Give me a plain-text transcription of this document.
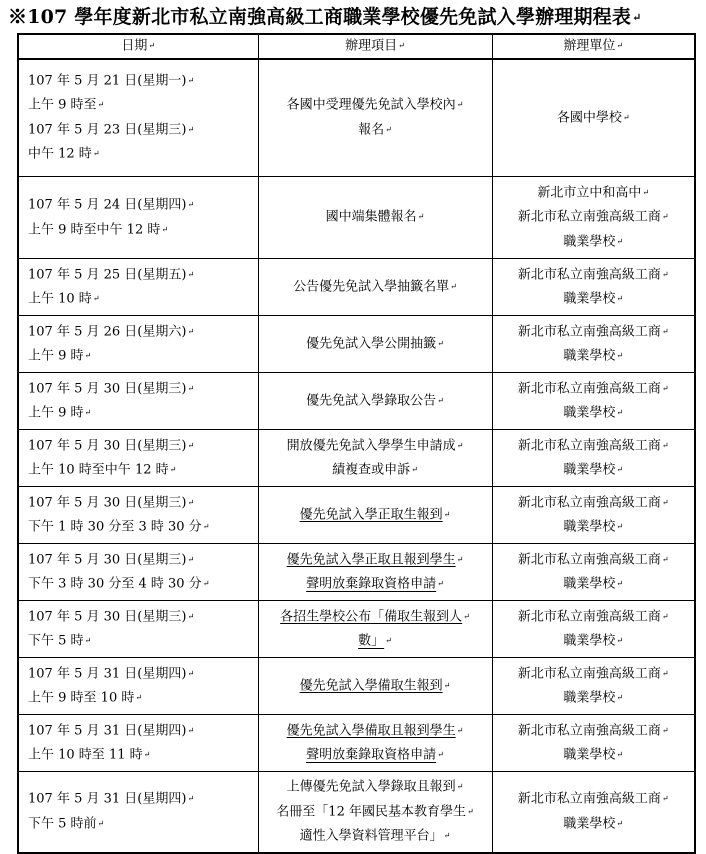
※107 學年度新北市私立南強高級工商職業學校優先免試入學辦理期程表↵
日期↵	辦理項目↵	辦理單位↵

107 年 5 月 21 日(星期一)↵
上午 9 時至↵
107 年 5 月 23 日(星期三)↵
中午 12 時↵	各國中受理優先免試入學校內↵
報名↵	各國中學校↵

107 年 5 月 24 日(星期四)↵
上午 9 時至中午 12 時↵	國中端集體報名↵	新北市立中和高中↵
新北市私立南強高級工商↵
職業學校↵

107 年 5 月 25 日(星期五)↵
上午 10 時↵	公告優先免試入學抽籤名單↵	新北市私立南強高級工商↵
職業學校↵

107 年 5 月 26 日(星期六)↵
上午 9 時↵	優先免試入學公開抽籤↵	新北市私立南強高級工商↵
職業學校↵

107 年 5 月 30 日(星期三)↵
上午 9 時↵	優先免試入學錄取公告↵	新北市私立南強高級工商↵
職業學校↵

107 年 5 月 30 日(星期三)↵
上午 10 時至中午 12 時↵	開放優先免試入學學生申請成↵
績複查或申訴↵	新北市私立南強高級工商↵
職業學校↵

107 年 5 月 30 日(星期三)↵
下午 1 時 30 分至 3 時 30 分↵	優先免試入學正取生報到↵	新北市私立南強高級工商↵
職業學校↵

107 年 5 月 30 日(星期三)↵
下午 3 時 30 分至 4 時 30 分↵	優先免試入學正取且報到學生↵
聲明放棄錄取資格申請↵	新北市私立南強高級工商↵
職業學校↵

107 年 5 月 30 日(星期三)↵
下午 5 時↵	各招生學校公布「備取生報到人↵
數」↵	新北市私立南強高級工商↵
職業學校↵

107 年 5 月 31 日(星期四)↵
上午 9 時至 10 時↵	優先免試入學備取生報到↵	新北市私立南強高級工商↵
職業學校↵

107 年 5 月 31 日(星期四)↵
上午 10 時至 11 時↵	優先免試入學備取且報到學生↵
聲明放棄錄取資格申請↵	新北市私立南強高級工商↵
職業學校↵

107 年 5 月 31 日(星期四)↵
下午 5 時前↵	上傳優先免試入學錄取且報到↵
名冊至「12 年國民基本教育學生↵
適性入學資料管理平台」↵	新北市私立南強高級工商↵
職業學校↵
